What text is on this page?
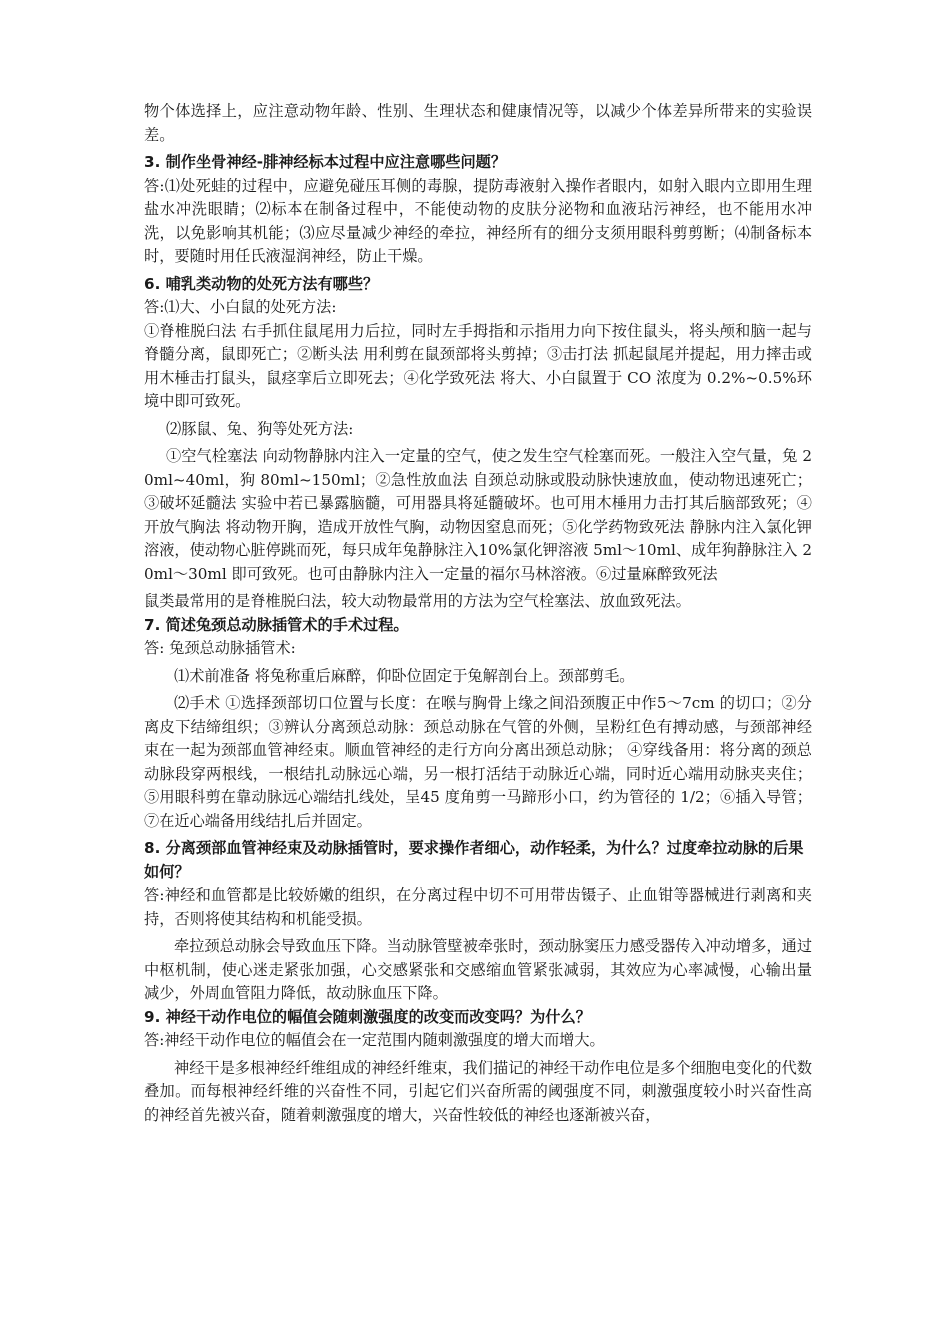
物个体选择上，应注意动物年龄、性别、生理状态和健康情况等，以减少个体差异所带来的实验误差。

3. 制作坐骨神经-腓神经标本过程中应注意哪些问题？

答:⑴处死蛙的过程中，应避免碰压耳侧的毒腺，提防毒液射入操作者眼内，如射入眼内立即用生理盐水冲洗眼睛；⑵标本在制备过程中，不能使动物的皮肤分泌物和血液玷污神经，也不能用水冲洗，以免影响其机能；⑶应尽量减少神经的牵拉，神经所有的细分支须用眼科剪剪断；⑷制备标本时，要随时用任氏液湿润神经，防止干燥。

6. 哺乳类动物的处死方法有哪些？

答:⑴大、小白鼠的处死方法:

①脊椎脱臼法 右手抓住鼠尾用力后拉，同时左手拇指和示指用力向下按住鼠头，将头颅和脑一起与脊髓分离，鼠即死亡；②断头法 用利剪在鼠颈部将头剪掉；③击打法 抓起鼠尾并提起，用力摔击或用木棰击打鼠头，鼠痉挛后立即死去；④化学致死法 将大、小白鼠置于 CO 浓度为 0.2%~0.5%环境中即可致死。

⑵豚鼠、兔、狗等处死方法:

①空气栓塞法 向动物静脉内注入一定量的空气，使之发生空气栓塞而死。一般注入空气量，兔 20ml~40ml，狗 80ml~150ml；②急性放血法 自颈总动脉或股动脉快速放血，使动物迅速死亡；③破坏延髓法 实验中若已暴露脑髓，可用器具将延髓破坏。也可用木棰用力击打其后脑部致死；④开放气胸法 将动物开胸，造成开放性气胸，动物因窒息而死；⑤化学药物致死法 静脉内注入氯化钾溶液，使动物心脏停跳而死，每只成年兔静脉注入10%氯化钾溶液 5ml～10ml、成年狗静脉注入 20ml～30ml 即可致死。也可由静脉内注入一定量的福尔马林溶液。⑥过量麻醉致死法

鼠类最常用的是脊椎脱臼法，较大动物最常用的方法为空气栓塞法、放血致死法。

7. 简述兔颈总动脉插管术的手术过程。

答: 兔颈总动脉插管术:

⑴术前准备 将兔称重后麻醉，仰卧位固定于兔解剖台上。颈部剪毛。

⑵手术 ①选择颈部切口位置与长度：在喉与胸骨上缘之间沿颈腹正中作5～7cm 的切口；②分离皮下结缔组织；③辨认分离颈总动脉：颈总动脉在气管的外侧，呈粉红色有搏动感，与颈部神经束在一起为颈部血管神经束。顺血管神经的走行方向分离出颈总动脉； ④穿线备用：将分离的颈总动脉段穿两根线，一根结扎动脉远心端，另一根打活结于动脉近心端，同时近心端用动脉夹夹住；⑤用眼科剪在靠动脉远心端结扎线处，呈45 度角剪一马蹄形小口，约为管径的 1/2；⑥插入导管；⑦在近心端备用线结扎后并固定。

8. 分离颈部血管神经束及动脉插管时，要求操作者细心，动作轻柔，为什么？过度牵拉动脉的后果如何？

答:神经和血管都是比较娇嫩的组织，在分离过程中切不可用带齿镊子、止血钳等器械进行剥离和夹持，否则将使其结构和机能受损。

牵拉颈总动脉会导致血压下降。当动脉管壁被牵张时，颈动脉窦压力感受器传入冲动增多，通过中枢机制，使心迷走紧张加强，心交感紧张和交感缩血管紧张减弱，其效应为心率减慢，心输出量减少，外周血管阻力降低，故动脉血压下降。

9. 神经干动作电位的幅值会随刺激强度的改变而改变吗？为什么？

答:神经干动作电位的幅值会在一定范围内随刺激强度的增大而增大。

神经干是多根神经纤维组成的神经纤维束，我们描记的神经干动作电位是多个细胞电变化的代数叠加。而每根神经纤维的兴奋性不同，引起它们兴奋所需的阈强度不同，刺激强度较小时兴奋性高的神经首先被兴奋，随着刺激强度的增大，兴奋性较低的神经也逐渐被兴奋，
